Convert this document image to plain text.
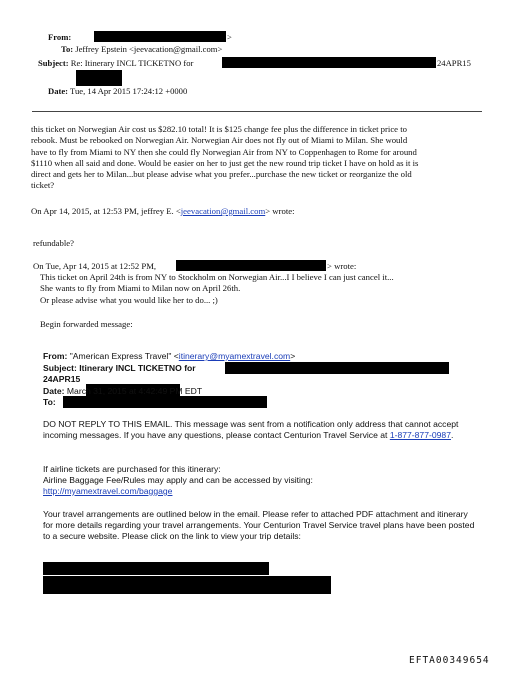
From:	>
To: Jeffrey Epstein <jeevacation@gmail.com>
Subject: Re: Itinerary INCL TICKETNO for	24APR15
Date: Tue, 14 Apr 2015 17:24:12 +0000
this ticket on Norwegian Air cost us $282.10 total! It is $125 change fee plus the difference in ticket price to
rebook. Must be rebooked on Norwegian Air. Norwegian Air does not fly out of Miami to Milan. She would
have to fly from Miami to NY then she could fly Norwegian Air from NY to Coppenhagen to Rome for around
$1110 when all said and done. Would be easier on her to just get the new round trip ticket I have on hold as it is
direct and gets her to Milan...but please advise what you prefer...purchase the new ticket or reorganize the old
ticket?
On Apr 14, 2015, at 12:53 PM, jeffrey E. <jeevacation@gmail.com> wrote:
refundable?
On Tue, Apr 14, 2015 at 12:52 PM,	> wrote:
This ticket on April 24th is from NY to Stockholm on Norwegian Air...I I believe I can just cancel it...
She wants to fly from Miami to Milan now on April 26th.
Or please advise what you would like her to do... ;)
Begin forwarded message:
From: "American Express Travel" <itinerary@myamextravel.com>
Subject: Itinerary INCL TICKETNO for
24APR15
Date: March 31, 2015 at 4:42:49 PM EDT
To:
DO NOT REPLY TO THIS EMAIL. This message was sent from a notification only address that cannot accept incoming messages. If you have any questions, please contact Centurion Travel Service at 1-877-877-0987.
If airline tickets are purchased for this itinerary:
Airline Baggage Fee/Rules may apply and can be accessed by visiting:
http://myamextravel.com/baggage
Your travel arrangements are outlined below in the email. Please refer to attached PDF attachment and itinerary for more details regarding your travel arrangements. Your Centurion Travel Service travel plans have been posted to a secure website. Please click on the link to view your trip details:
EFTA00349654
